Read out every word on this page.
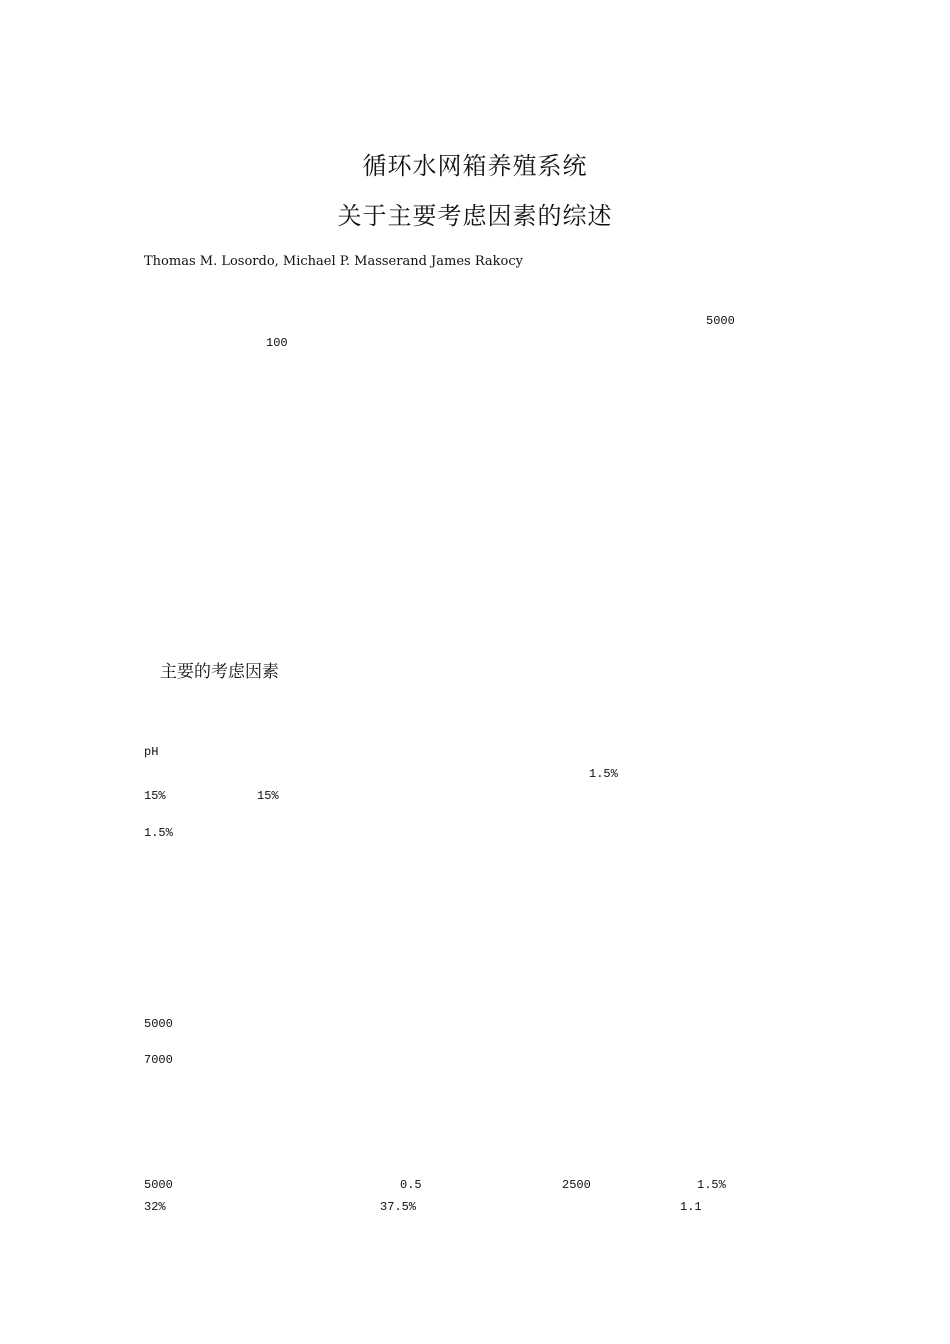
循环水网箱养殖系统
关于主要考虑因素的综述
Thomas M. Losordo, Michael P. Masserand James Rakocy
5000
100
主要的考虑因素
pH
1.5%
15%	15%
1.5%
5000
7000
5000	0.5	2500	1.5%
32%	37.5%	1.1
